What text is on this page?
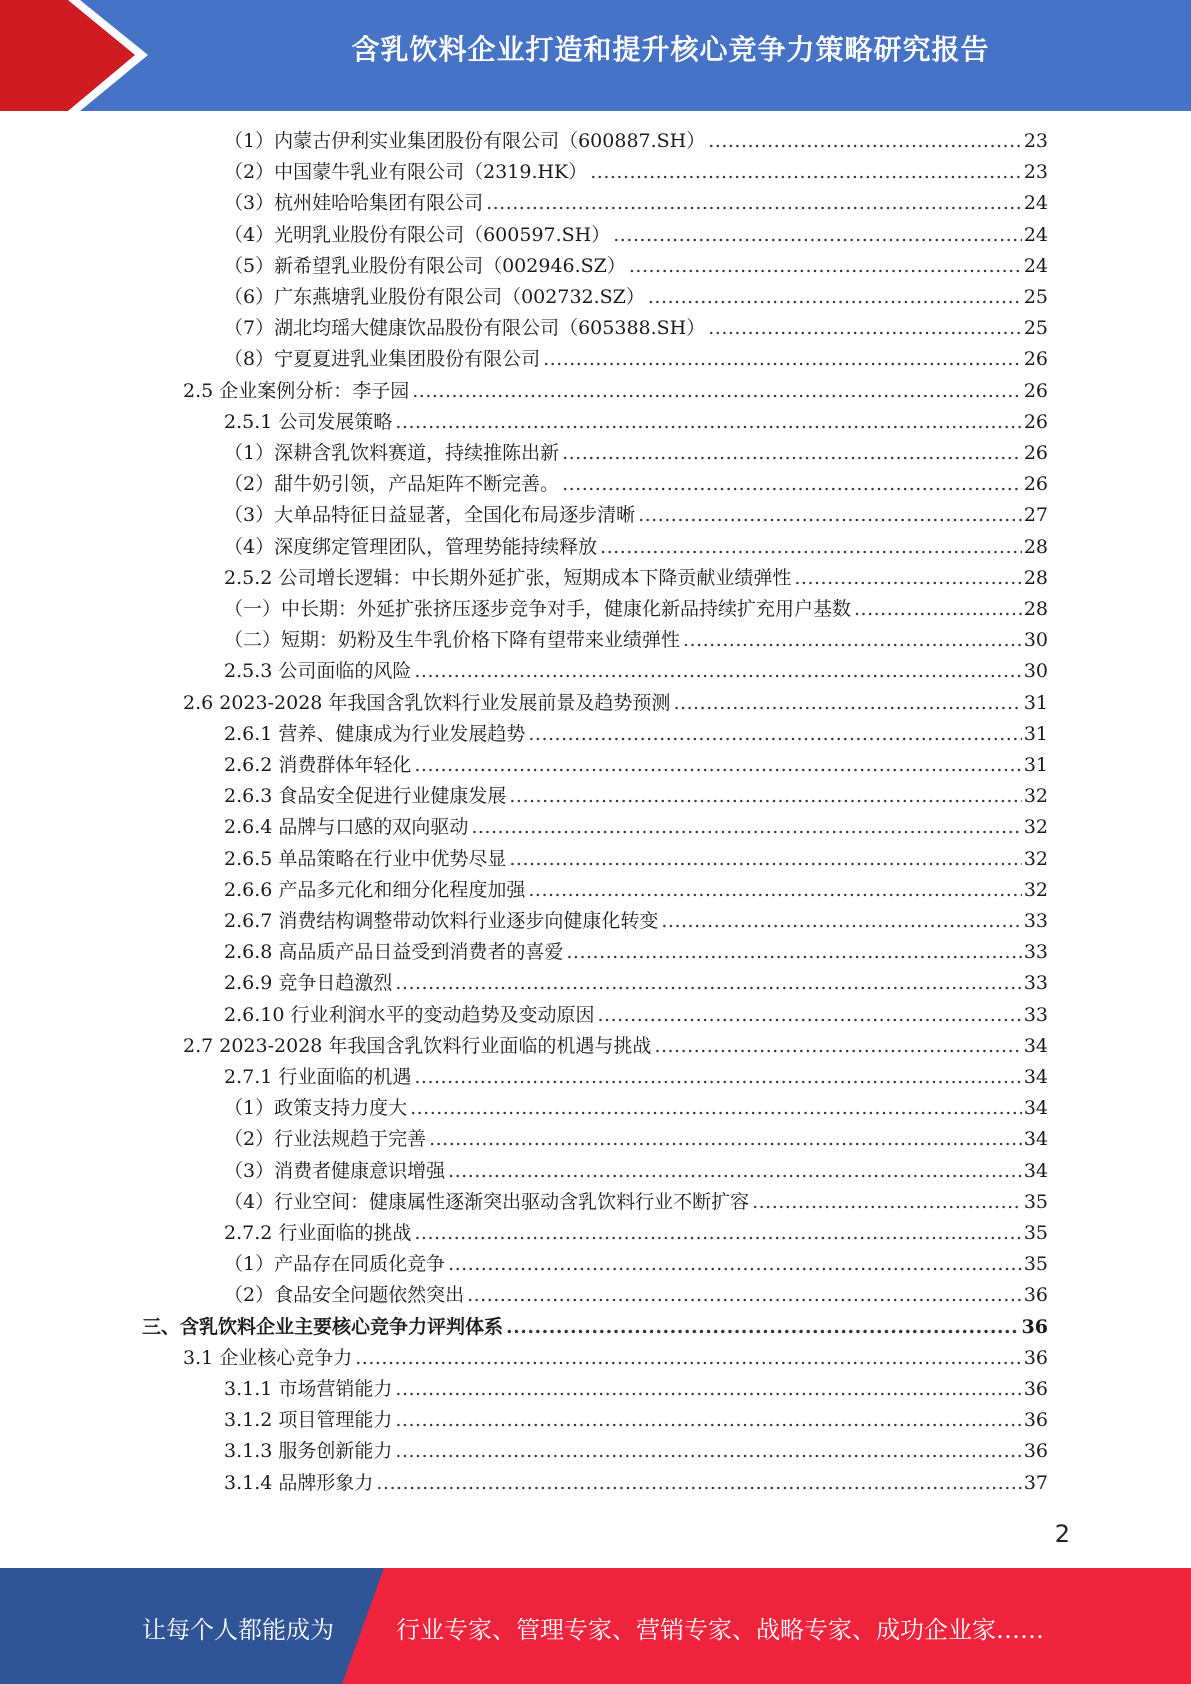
含乳饮料企业打造和提升核心竞争力策略研究报告
（1）内蒙古伊利实业集团股份有限公司（600887.SH） .....	23
（2）中国蒙牛乳业有限公司（2319.HK） .....	23
（3）杭州娃哈哈集团有限公司 .....	24
（4）光明乳业股份有限公司（600597.SH） .....	24
（5）新希望乳业股份有限公司（002946.SZ） .....	24
（6）广东燕塘乳业股份有限公司（002732.SZ） .....	25
（7）湖北均瑶大健康饮品股份有限公司（605388.SH） .....	25
（8）宁夏夏进乳业集团股份有限公司 .....	26
2.5 企业案例分析：李子园 .....	26
2.5.1 公司发展策略 .....	26
（1）深耕含乳饮料赛道，持续推陈出新 .....	26
（2）甜牛奶引领，产品矩阵不断完善。 .....	26
（3）大单品特征日益显著，全国化布局逐步清晰 .....	27
（4）深度绑定管理团队，管理势能持续释放 .....	28
2.5.2 公司增长逻辑：中长期外延扩张，短期成本下降贡献业绩弹性 .....	28
（一）中长期：外延扩张挤压逐步竞争对手，健康化新品持续扩充用户基数 .....	28
（二）短期：奶粉及生牛乳价格下降有望带来业绩弹性 .....	30
2.5.3 公司面临的风险 .....	30
2.6 2023-2028 年我国含乳饮料行业发展前景及趋势预测 .....	31
2.6.1 营养、健康成为行业发展趋势 .....	31
2.6.2 消费群体年轻化 .....	31
2.6.3 食品安全促进行业健康发展 .....	32
2.6.4 品牌与口感的双向驱动 .....	32
2.6.5 单品策略在行业中优势尽显 .....	32
2.6.6 产品多元化和细分化程度加强 .....	32
2.6.7 消费结构调整带动饮料行业逐步向健康化转变 .....	33
2.6.8 高品质产品日益受到消费者的喜爱 .....	33
2.6.9 竞争日趋激烈 .....	33
2.6.10 行业利润水平的变动趋势及变动原因 .....	33
2.7 2023-2028 年我国含乳饮料行业面临的机遇与挑战 .....	34
2.7.1 行业面临的机遇 .....	34
（1）政策支持力度大 .....	34
（2）行业法规趋于完善 .....	34
（3）消费者健康意识增强 .....	34
（4）行业空间：健康属性逐渐突出驱动含乳饮料行业不断扩容 .....	35
2.7.2 行业面临的挑战 .....	35
（1）产品存在同质化竞争 .....	35
（2）食品安全问题依然突出 .....	36
三、含乳饮料企业主要核心竞争力评判体系 .....	36
3.1 企业核心竞争力 .....	36
3.1.1 市场营销能力 .....	36
3.1.2 项目管理能力 .....	36
3.1.3 服务创新能力 .....	36
3.1.4 品牌形象力 .....	37
2
让每个人都能成为	行业专家、管理专家、营销专家、战略专家、成功企业家……
